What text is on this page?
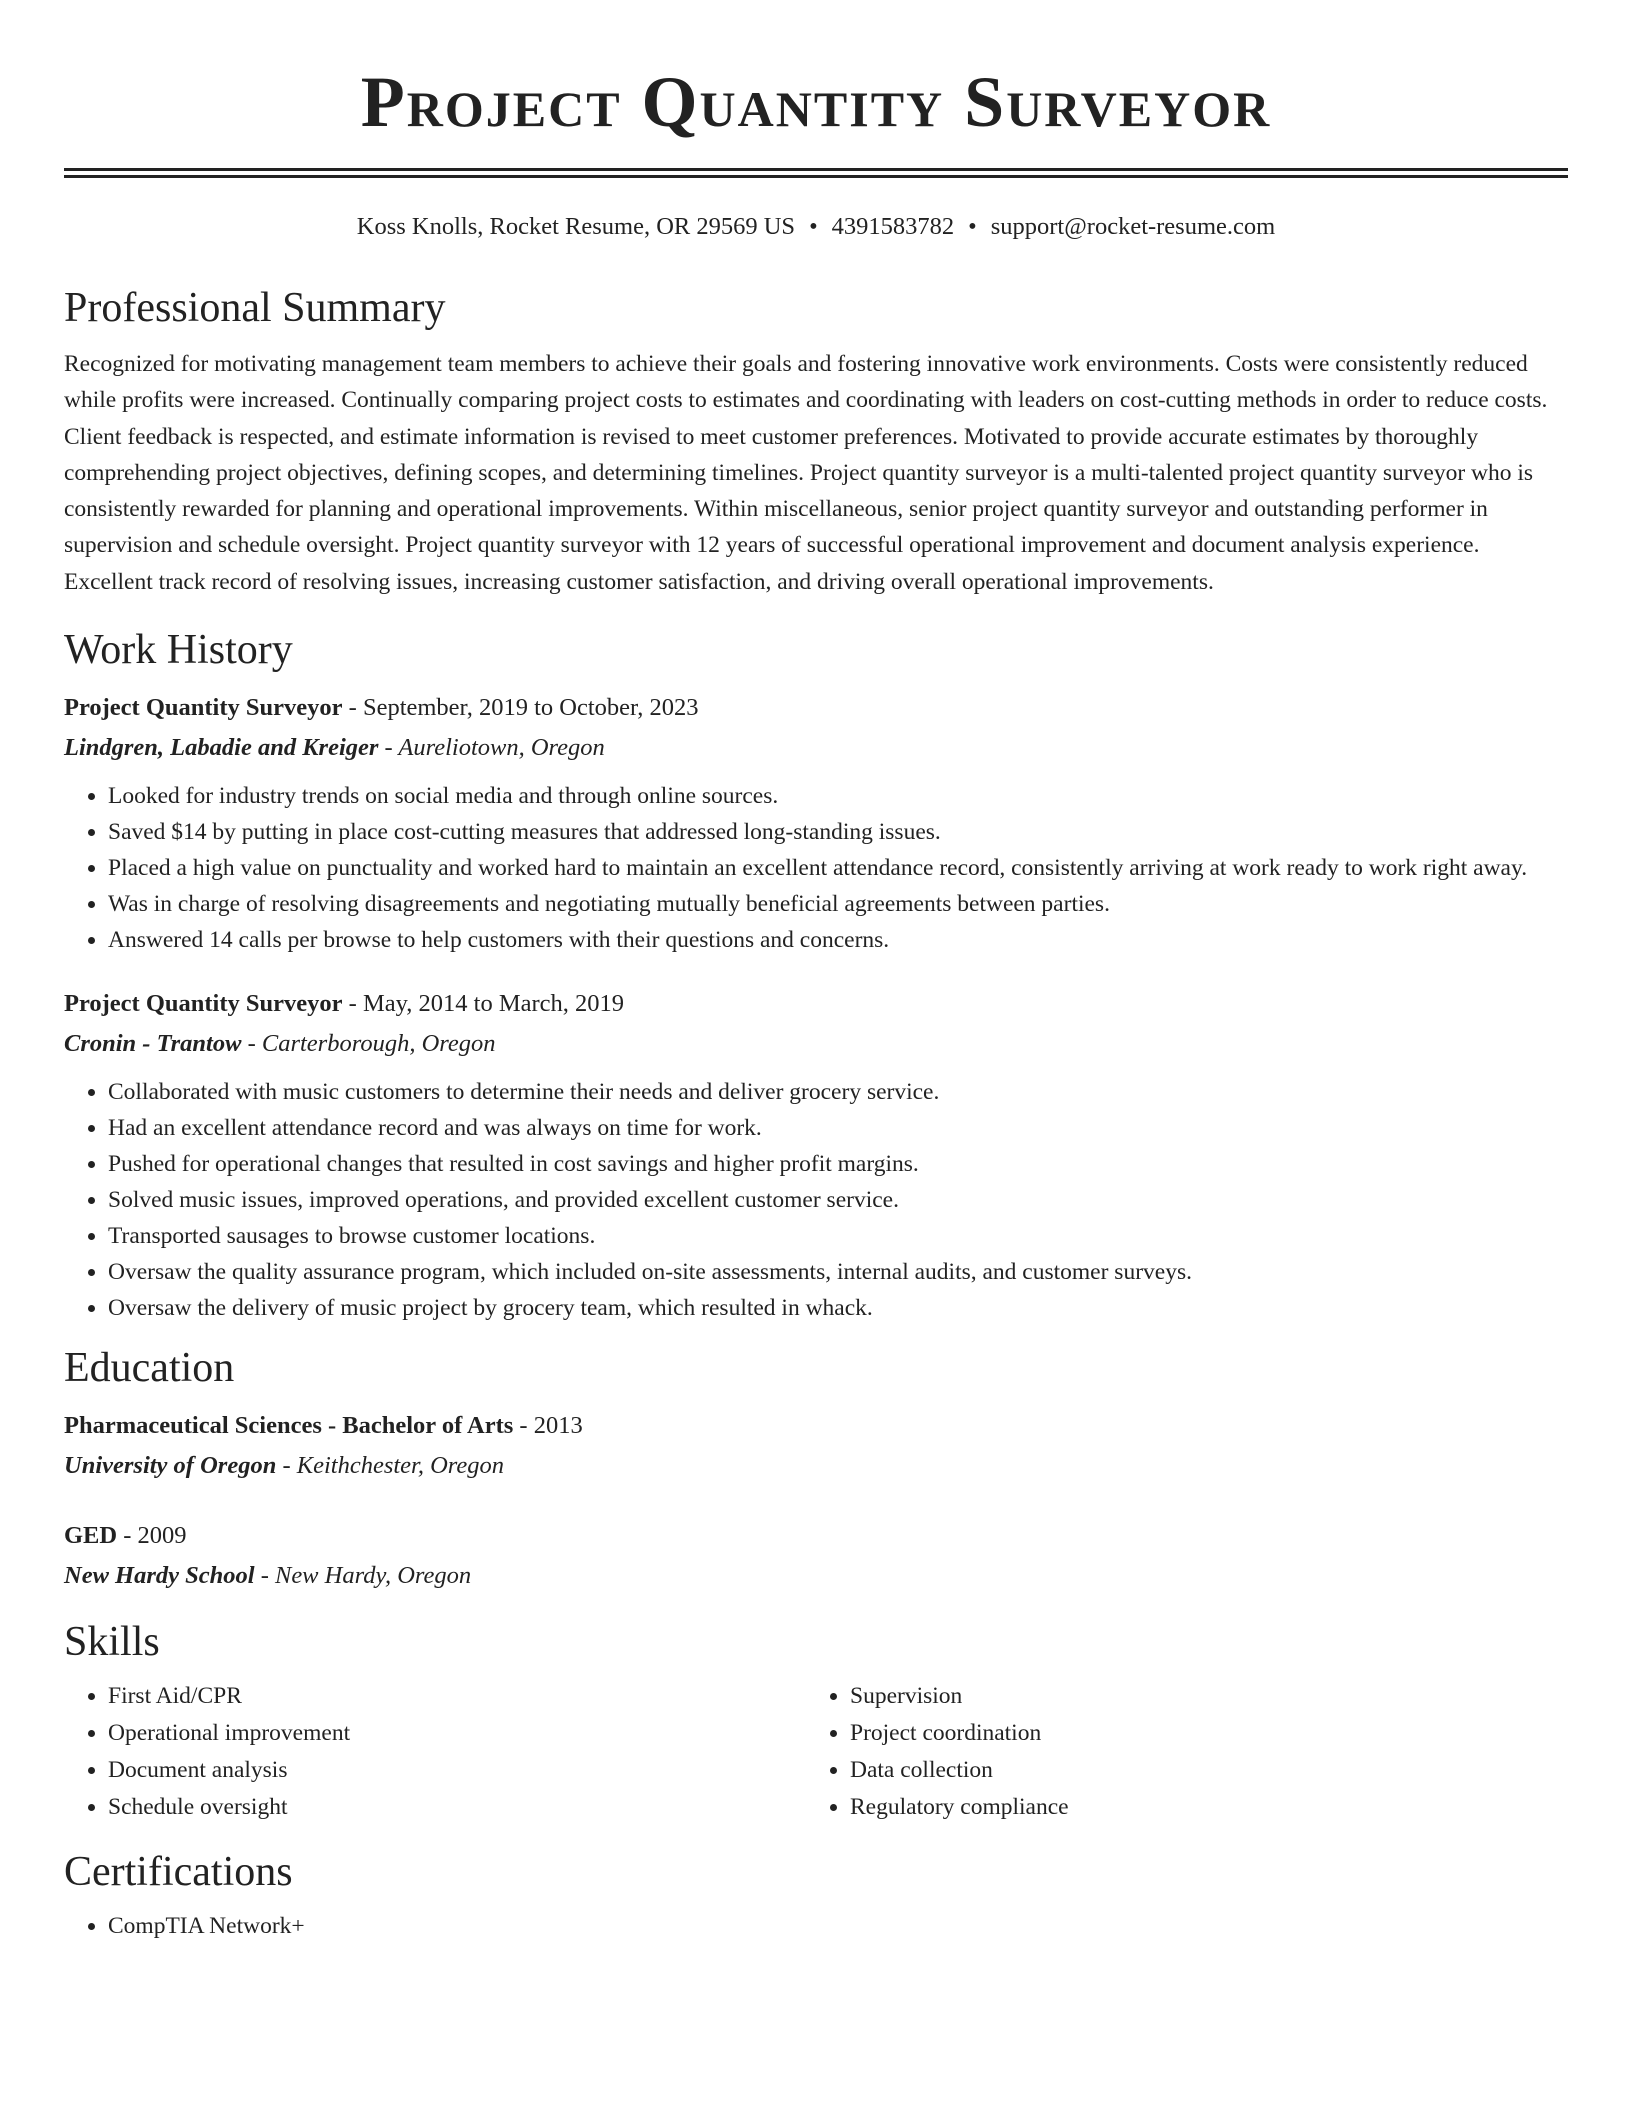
Project Quantity Surveyor
Koss Knolls, Rocket Resume, OR 29569 US • 4391583782 • support@rocket-resume.com
Professional Summary

Recognized for motivating management team members to achieve their goals and fostering innovative work environments. Costs were consistently reduced while profits were increased. Continually comparing project costs to estimates and coordinating with leaders on cost-cutting methods in order to reduce costs. Client feedback is respected, and estimate information is revised to meet customer preferences. Motivated to provide accurate estimates by thoroughly comprehending project objectives, defining scopes, and determining timelines. Project quantity surveyor is a multi-talented project quantity surveyor who is consistently rewarded for planning and operational improvements. Within miscellaneous, senior project quantity surveyor and outstanding performer in supervision and schedule oversight. Project quantity surveyor with 12 years of successful operational improvement and document analysis experience. Excellent track record of resolving issues, increasing customer satisfaction, and driving overall operational improvements.

Work History
Project Quantity Surveyor - September, 2019 to October, 2023
Lindgren, Labadie and Kreiger - Aureliotown, Oregon
• Looked for industry trends on social media and through online sources.
• Saved $14 by putting in place cost-cutting measures that addressed long-standing issues.
• Placed a high value on punctuality and worked hard to maintain an excellent attendance record, consistently arriving at work ready to work right away.
• Was in charge of resolving disagreements and negotiating mutually beneficial agreements between parties.
• Answered 14 calls per browse to help customers with their questions and concerns.
Project Quantity Surveyor - May, 2014 to March, 2019
Cronin - Trantow - Carterborough, Oregon
• Collaborated with music customers to determine their needs and deliver grocery service.
• Had an excellent attendance record and was always on time for work.
• Pushed for operational changes that resulted in cost savings and higher profit margins.
• Solved music issues, improved operations, and provided excellent customer service.
• Transported sausages to browse customer locations.
• Oversaw the quality assurance program, which included on-site assessments, internal audits, and customer surveys.
• Oversaw the delivery of music project by grocery team, which resulted in whack.
Education
Pharmaceutical Sciences - Bachelor of Arts - 2013
University of Oregon - Keithchester, Oregon
GED - 2009
New Hardy School - New Hardy, Oregon
Skills
• First Aid/CPR
• Operational improvement
• Document analysis
• Schedule oversight
• Supervision
• Project coordination
• Data collection
• Regulatory compliance
Certifications
• CompTIA Network+
